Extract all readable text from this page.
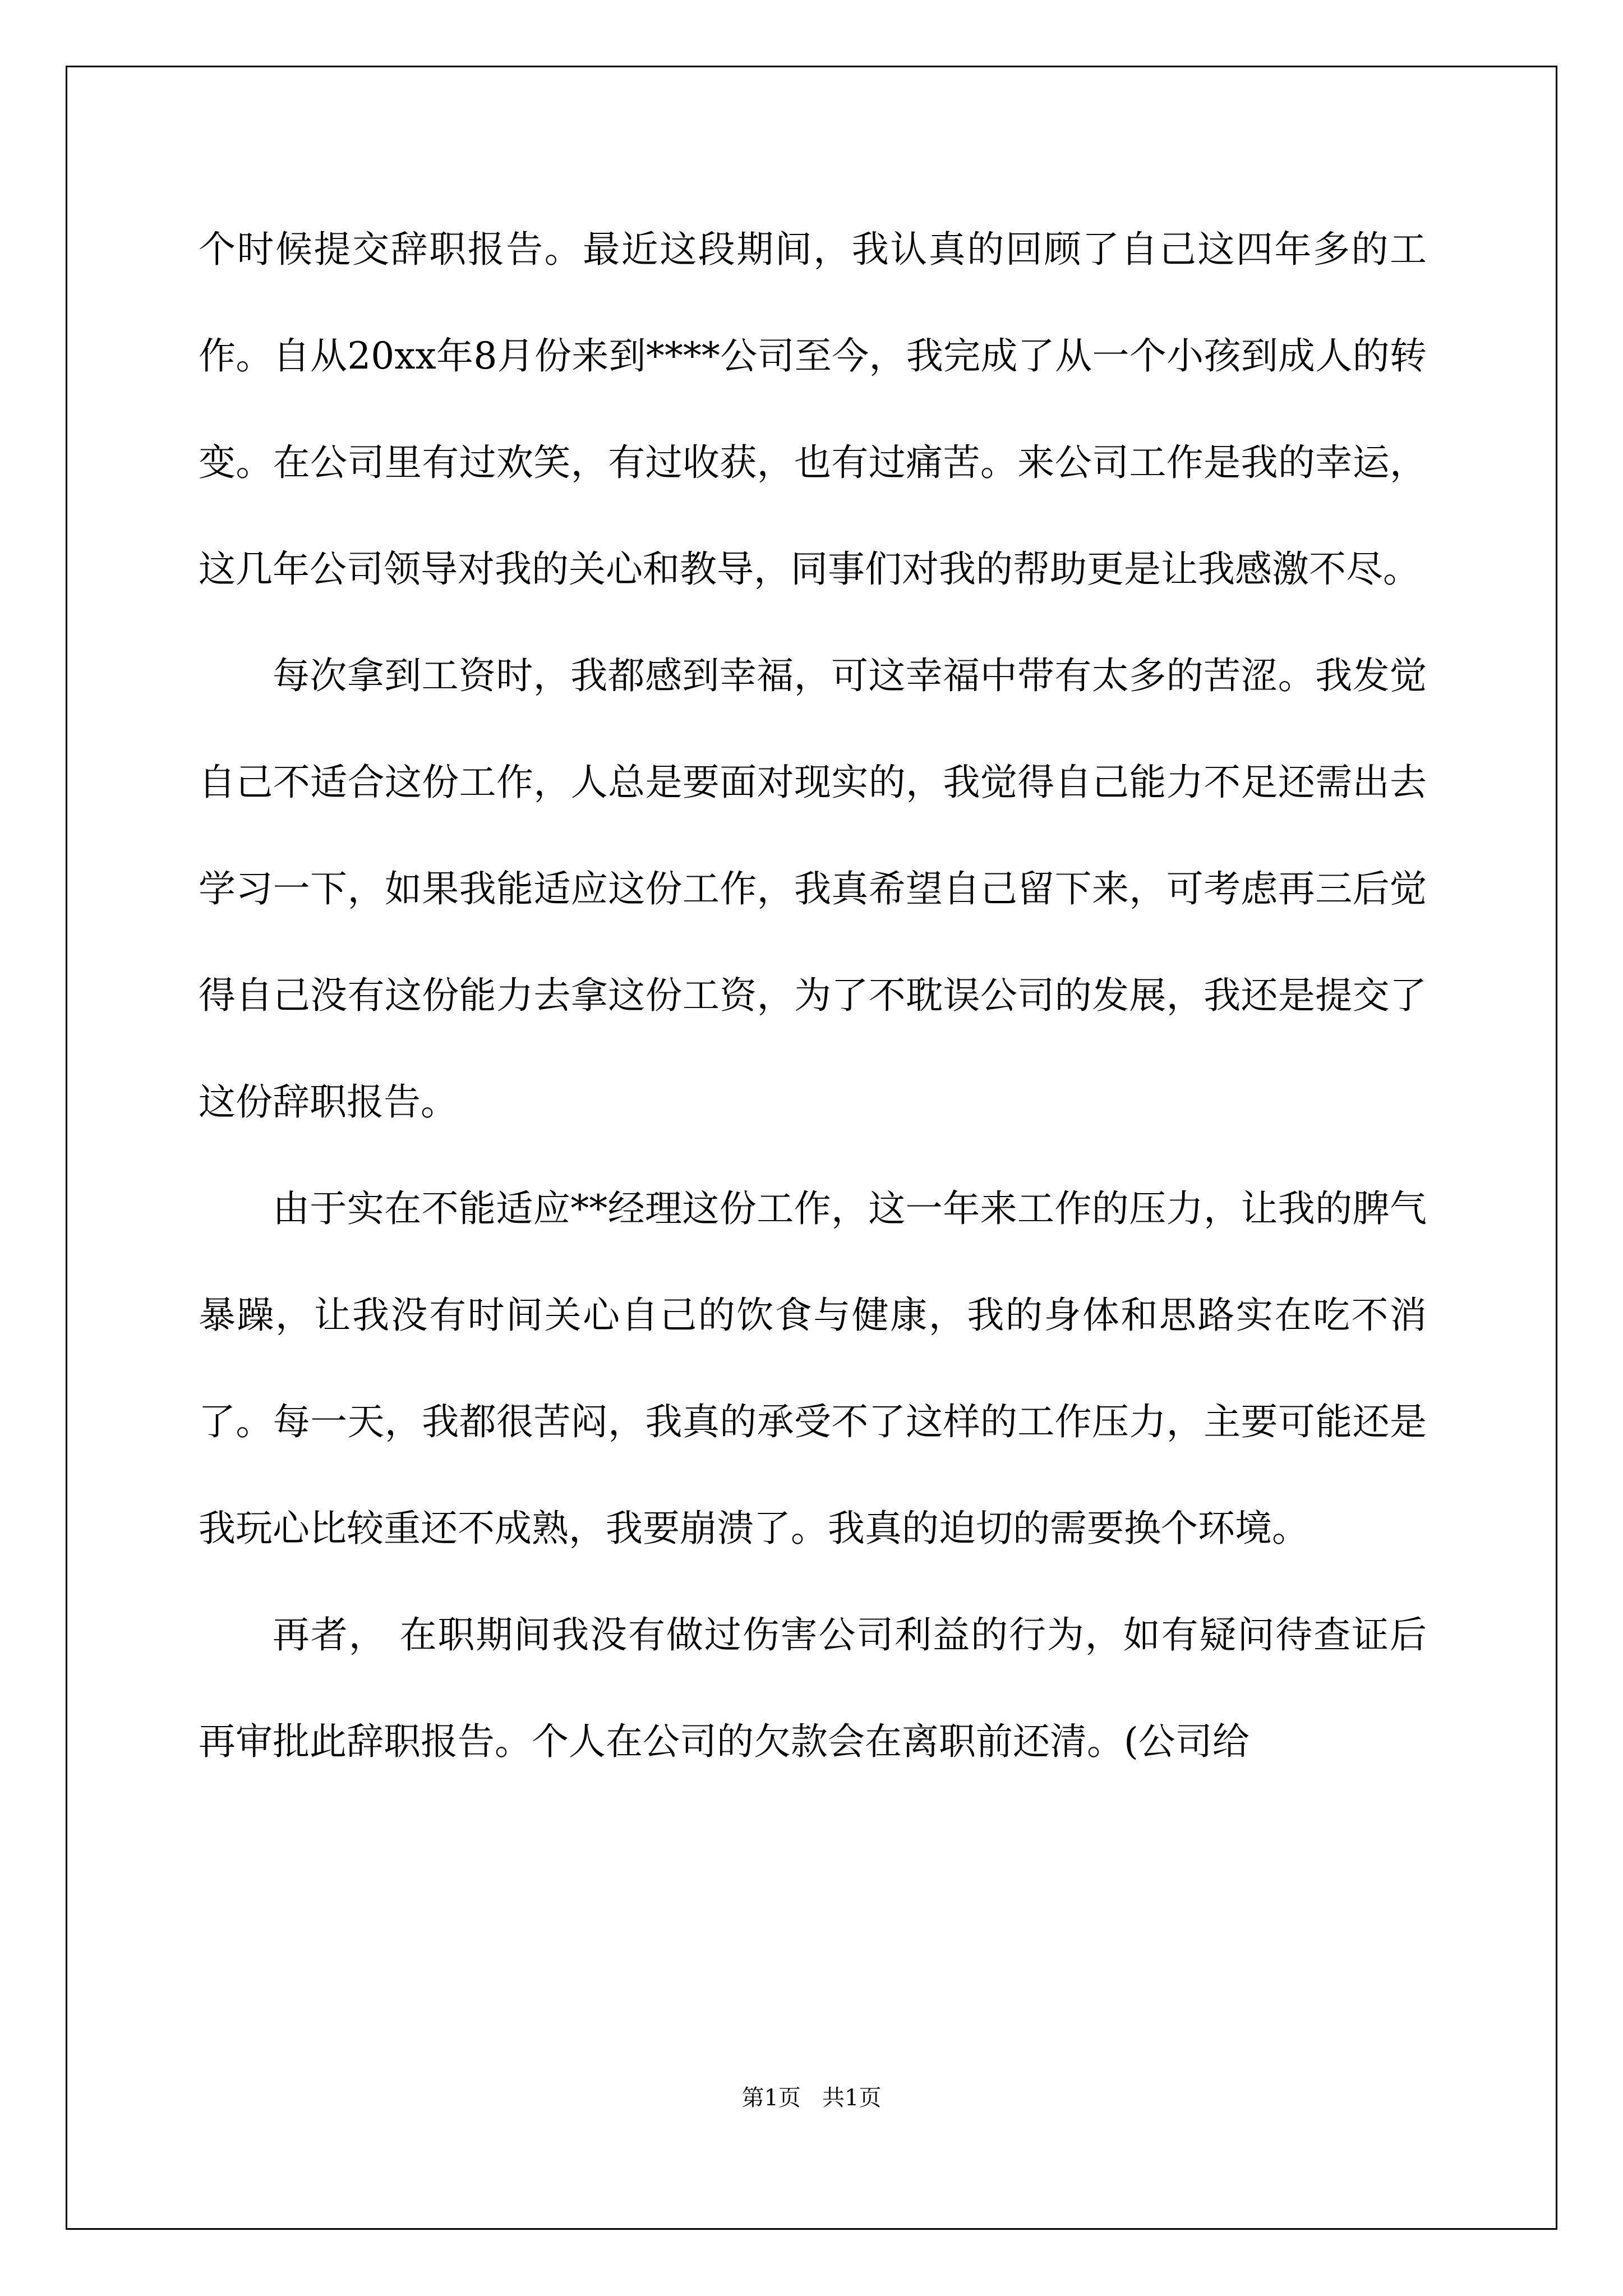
个时候提交辞职报告。最近这段期间，我认真的回顾了自己这四年多的工作。自从20xx年8月份来到****公司至今，我完成了从一个小孩到成人的转变。在公司里有过欢笑，有过收获，也有过痛苦。来公司工作是我的幸运，这几年公司领导对我的关心和教导，同事们对我的帮助更是让我感激不尽。

每次拿到工资时，我都感到幸福，可这幸福中带有太多的苦涩。我发觉自己不适合这份工作，人总是要面对现实的，我觉得自己能力不足还需出去学习一下，如果我能适应这份工作，我真希望自己留下来，可考虑再三后觉得自己没有这份能力去拿这份工资，为了不耽误公司的发展，我还是提交了这份辞职报告。

由于实在不能适应**经理这份工作，这一年来工作的压力，让我的脾气暴躁，让我没有时间关心自己的饮食与健康，我的身体和思路实在吃不消了。每一天，我都很苦闷，我真的承受不了这样的工作压力，主要可能还是我玩心比较重还不成熟，我要崩溃了。我真的迫切的需要换个环境。

再者， 在职期间我没有做过伤害公司利益的行为，如有疑问待查证后再审批此辞职报告。个人在公司的欠款会在离职前还清。(公司给

第1页   共1页
